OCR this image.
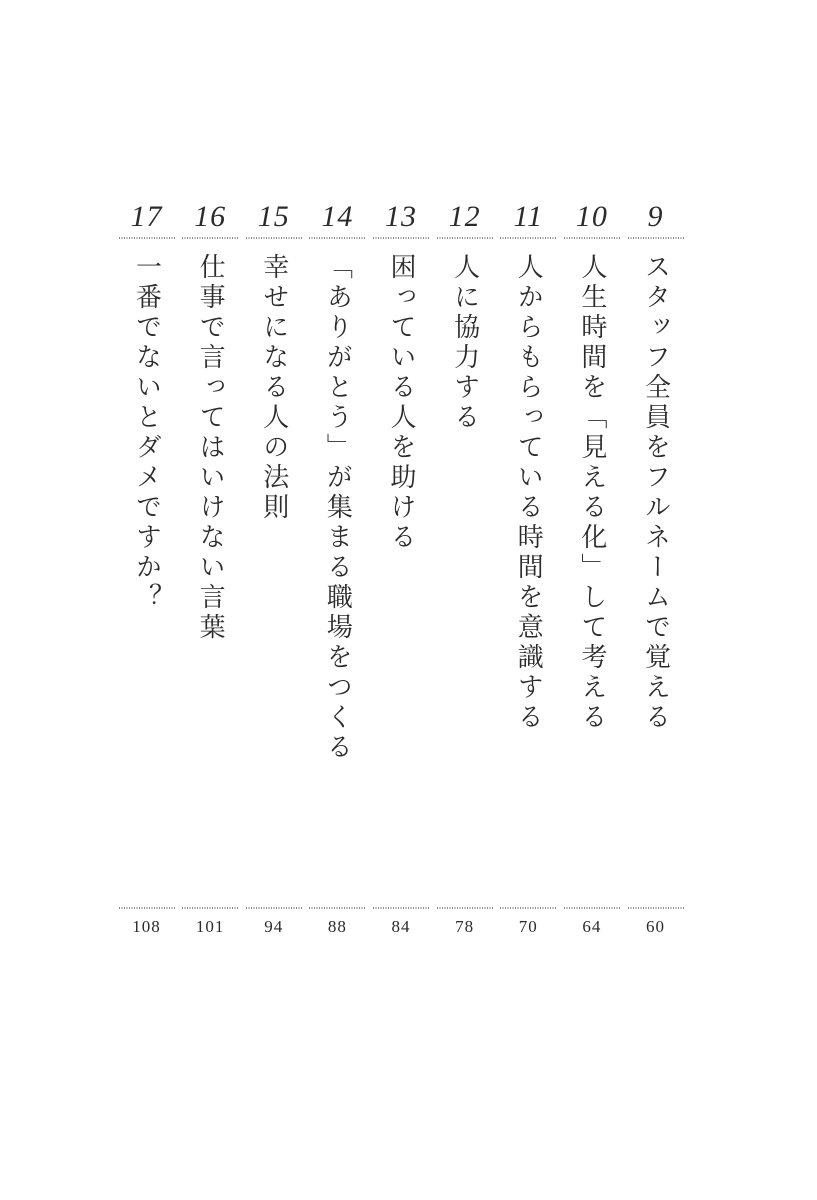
9
スタッフ全員をフルネームで覚える
60
10
人生時間を「見える化」して考える
64
11
人からもらっている時間を意識する
70
12
人に協力する
78
13
困っている人を助ける
84
14
「ありがとう」が集まる職場をつくる
88
15
幸せになる人の法則
94
16
仕事で言ってはいけない言葉
101
17
一番でないとダメですか？
108
